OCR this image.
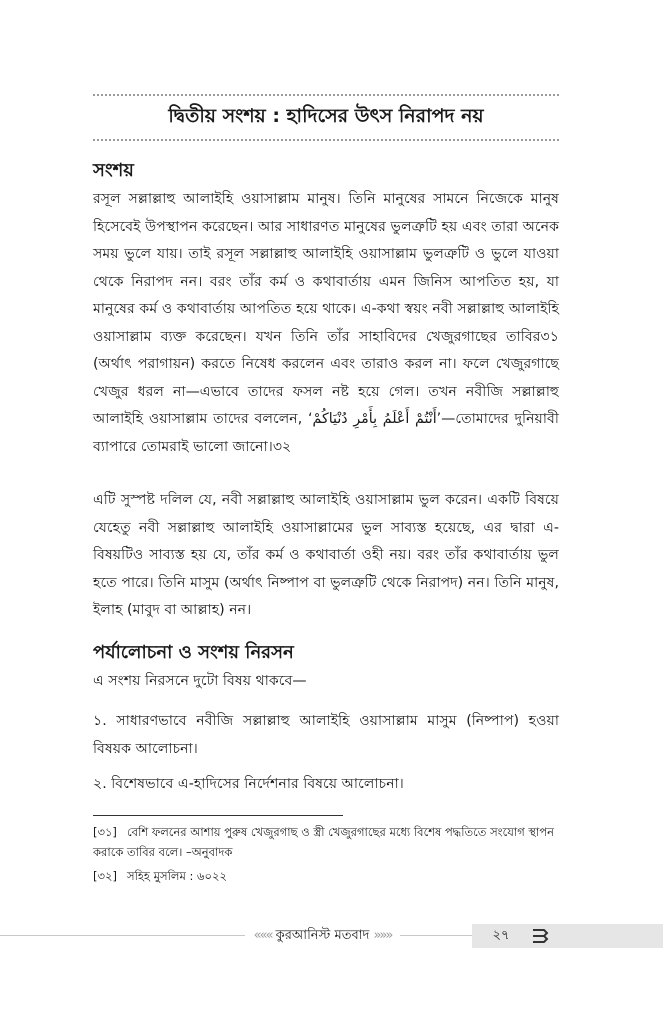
দ্বিতীয় সংশয় : হাদিসের উৎস নিরাপদ নয়
সংশয়

রসূল সল্লাল্লাহু আলাইহি ওয়াসাল্লাম মানুষ। তিনি মানুষের সামনে নিজেকে মানুষ হিসেবেই উপস্থাপন করেছেন। আর সাধারণত মানুষের ভুলত্রুটি হয় এবং তারা অনেক সময় ভুলে যায়। তাই রসূল সল্লাল্লাহু আলাইহি ওয়াসাল্লাম ভুলত্রুটি ও ভুলে যাওয়া থেকে নিরাপদ নন। বরং তাঁর কর্ম ও কথাবার্তায় এমন জিনিস আপতিত হয়, যা মানুষের কর্ম ও কথাবার্তায় আপতিত হয়ে থাকে। এ-কথা স্বয়ং নবী সল্লাল্লাহু আলাইহি ওয়াসাল্লাম ব্যক্ত করেছেন। যখন তিনি তাঁর সাহাবিদের খেজুরগাছের তাবির৩১ (অর্থাৎ পরাগায়ন) করতে নিষেধ করলেন এবং তারাও করল না। ফলে খেজুরগাছে খেজুর ধরল না—এভাবে তাদের ফসল নষ্ট হয়ে গেল। তখন নবীজি সল্লাল্লাহু আলাইহি ওয়াসাল্লাম তাদের বললেন, ‘أَنْتُمْ أَعْلَمُ بِأَمْرِ دُنْيَاكُمْ’—তোমাদের দুনিয়াবী ব্যাপারে তোমরাই ভালো জানো।৩২

এটি সুস্পষ্ট দলিল যে, নবী সল্লাল্লাহু আলাইহি ওয়াসাল্লাম ভুল করেন। একটি বিষয়ে যেহেতু নবী সল্লাল্লাহু আলাইহি ওয়াসাল্লামের ভুল সাব্যস্ত হয়েছে, এর দ্বারা এ-বিষয়টিও সাব্যস্ত হয় যে, তাঁর কর্ম ও কথাবার্তা ওহী নয়। বরং তাঁর কথাবার্তায় ভুল হতে পারে। তিনি মাসুম (অর্থাৎ নিষ্পাপ বা ভুলত্রুটি থেকে নিরাপদ) নন। তিনি মানুষ, ইলাহ (মাবুদ বা আল্লাহ) নন।

পর্যালোচনা ও সংশয় নিরসন

এ সংশয় নিরসনে দুটো বিষয় থাকবে—

১. সাধারণভাবে নবীজি সল্লাল্লাহু আলাইহি ওয়াসাল্লাম মাসুম (নিষ্পাপ) হওয়া বিষয়ক আলোচনা।

২. বিশেষভাবে এ-হাদিসের নির্দেশনার বিষয়ে আলোচনা।

[৩১] বেশি ফলনের আশায় পুরুষ খেজুরগাছ ও স্ত্রী খেজুরগাছের মধ্যে বিশেষ পদ্ধতিতে সংযোগ স্থাপন করাকে তাবির বলে। –অনুবাদক

[৩২] সহিহ মুসলিম : ৬০২২

««« কুরআনিস্ট মতবাদ »»»	২৭
